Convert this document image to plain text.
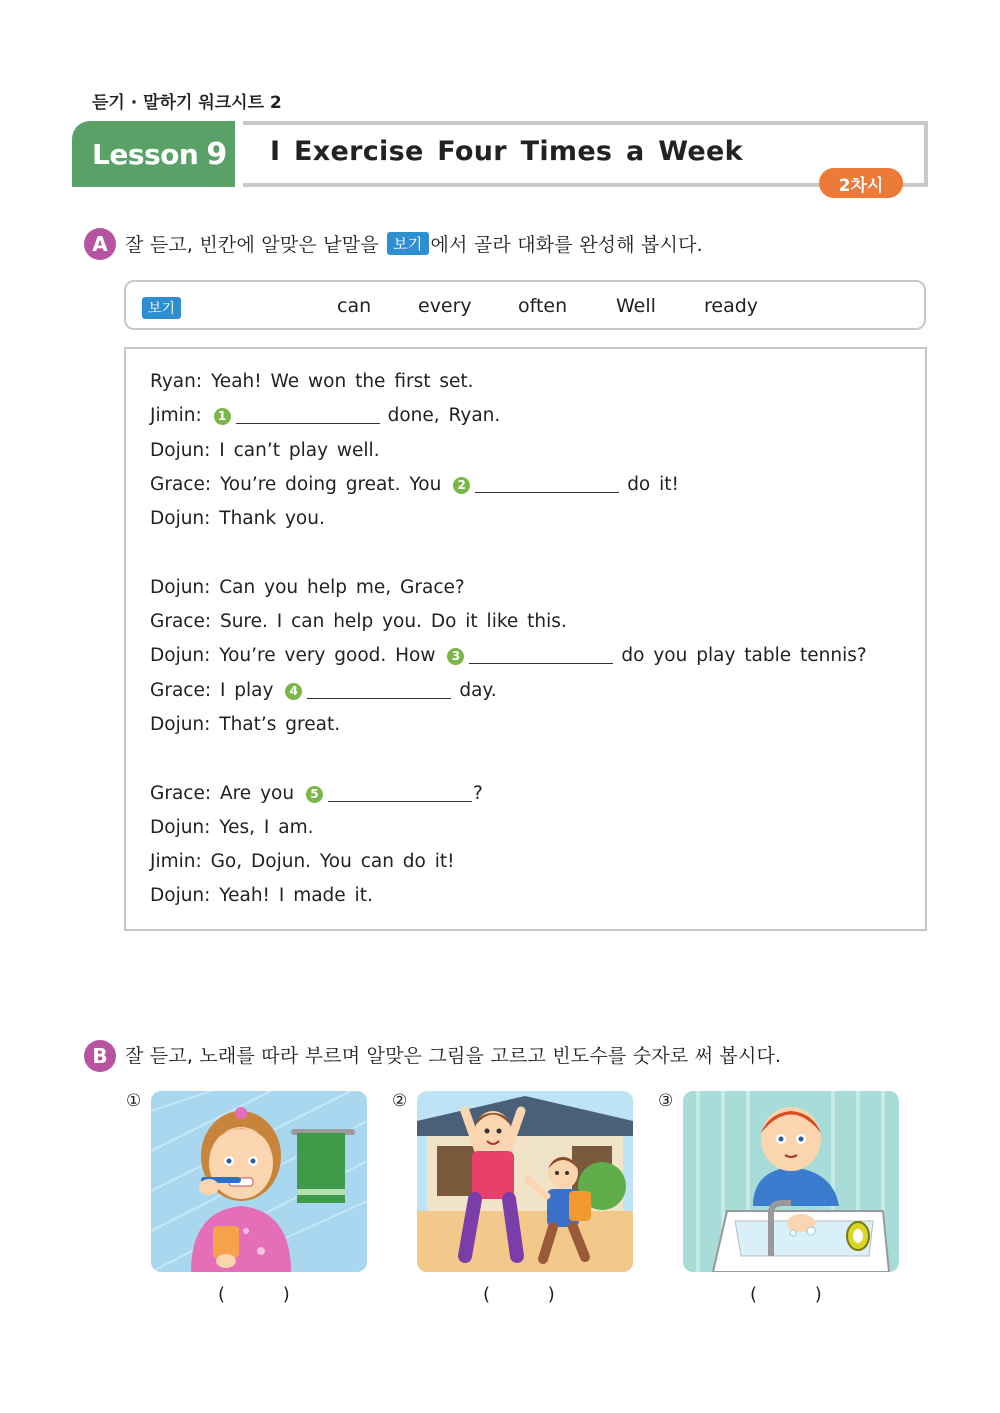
듣기 · 말하기 워크시트 2
Lesson 9 I Exercise Four Times a Week
2차시
A 잘 듣고, 빈칸에 알맞은 낱말을 보기 에서 골라 대화를 완성해 봅시다.
보기	can every often	Well	ready
Ryan: Yeah! We won the first set.
Jimin: 1	done, Ryan.
Dojun: I can’t play well.
Grace: You’re doing great. You 2	do it!
Dojun: Thank you.
Dojun: Can you help me, Grace?
Grace: Sure. I can help you. Do it like this.
Dojun: You’re very good. How 3	do you play table tennis?
Grace: I play 4	day.
Dojun: That’s great.
Grace: Are you 5	?
Dojun: Yes, I am.
Jimin: Go, Dojun. You can do it!
Dojun: Yeah! I made it.
B 잘 듣고, 노래를 따라 부르며 알맞은 그림을 고르고 빈도수를 숫자로 써 봅시다.
①	②	③
( )	( )	( )
